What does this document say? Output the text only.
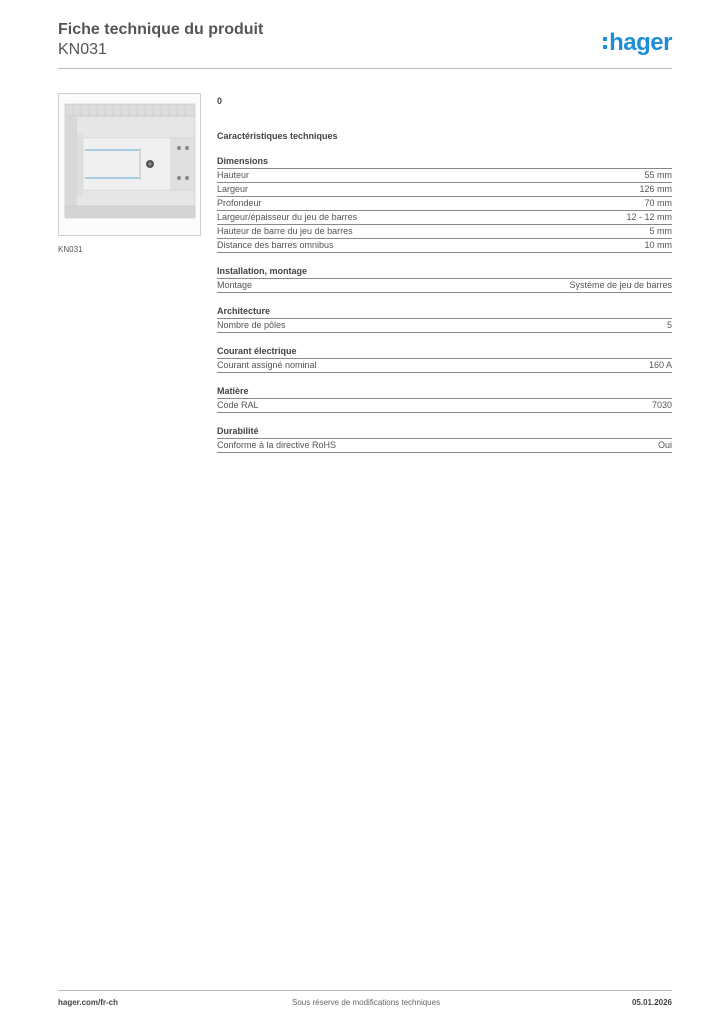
Fiche technique du produit
KN031	hager
KN031
0
Caractéristiques techniques
Dimensions
Hauteur	55 mm
Largeur	126 mm
Profondeur	70 mm
Largeur/épaisseur du jeu de barres	12 - 12 mm
Hauteur de barre du jeu de barres	5 mm
Distance des barres omnibus	10 mm
Installation, montage
Montage	Système de jeu de barres
Architecture
Nombre de pôles	5
Courant électrique
Courant assigné nominal	160 A
Matière
Code RAL	7030
Durabilité
Conforme à la directive RoHS	Oui
hager.com/fr-ch	Sous réserve de modifications techniques	05.01.2026
